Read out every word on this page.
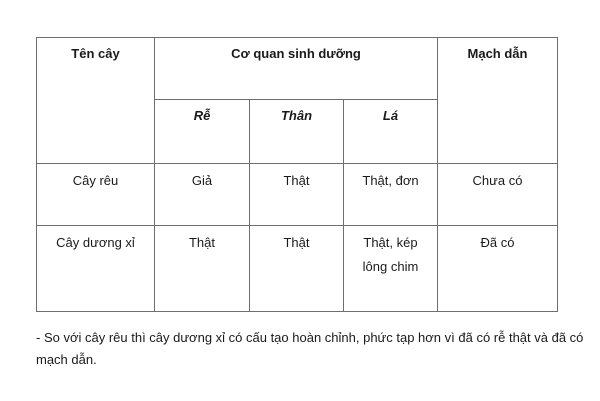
Tên cây	Cơ quan sinh dưỡng			Mạch dẫn
	Rễ	Thân	Lá	
Cây rêu	Giả	Thật	Thật, đơn	Chưa có
Cây dương xỉ	Thật	Thật	Thật, kép lông chim	Đã có
- So với cây rêu thì cây dương xỉ có cấu tạo hoàn chỉnh, phức tạp hơn vì đã có rễ thật và đã có mạch dẫn.
